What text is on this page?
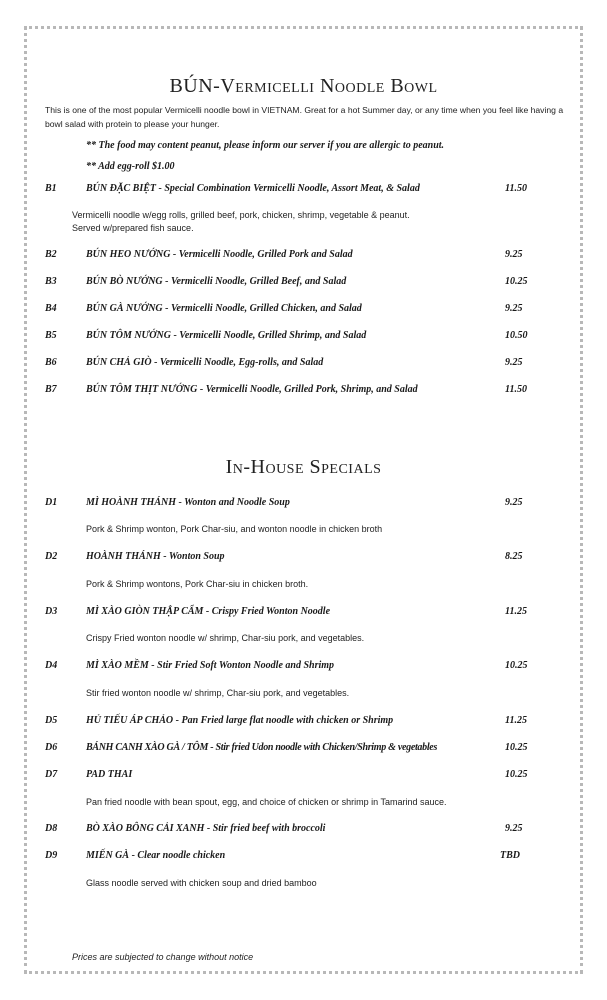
BÚN-Vermicelli Noodle Bowl
This is one of the most popular Vermicelli noodle bowl in VIETNAM. Great for a hot Summer day, or any time when you feel like having a bowl salad with protein to please your hunger.
** The food may content peanut, please inform our server if you are allergic to peanut.
** Add egg-roll $1.00
B1	BÚN ĐẶC BIỆT - Special Combination Vermicelli Noodle, Assort Meat, & Salad	11.50
Vermicelli noodle w/egg rolls, grilled beef, pork, chicken, shrimp, vegetable & peanut.
Served w/prepared fish sauce.
B2	BÚN HEO NƯỚNG - Vermicelli Noodle, Grilled Pork and Salad	9.25
B3	BÚN BÒ NƯỚNG - Vermicelli Noodle, Grilled Beef, and Salad	10.25
B4	BÚN GÀ NƯỚNG - Vermicelli Noodle, Grilled Chicken, and Salad	9.25
B5	BÚN TÔM NƯỚNG - Vermicelli Noodle, Grilled Shrimp, and Salad	10.50
B6	BÚN CHẢ GIÒ - Vermicelli Noodle, Egg-rolls, and Salad	9.25
B7	BÚN TÔM THỊT NƯỚNG - Vermicelli Noodle, Grilled Pork, Shrimp, and Salad	11.50
In-House Specials
D1	MÌ HOÀNH THÁNH - Wonton and Noodle Soup	9.25
Pork & Shrimp wonton, Pork Char-siu, and wonton noodle in chicken broth
D2	HOÀNH THÁNH - Wonton Soup	8.25
Pork & Shrimp wontons, Pork Char-siu in chicken broth.
D3	MÌ XÀO GIÒN THẬP CẨM - Crispy Fried Wonton Noodle	11.25
Crispy Fried wonton noodle w/ shrimp, Char-siu pork, and vegetables.
D4	MÌ XÀO MỀM - Stir Fried Soft Wonton Noodle and Shrimp	10.25
Stir fried wonton noodle w/ shrimp, Char-siu pork, and vegetables.
D5	HỦ TIẾU ÁP CHẢO - Pan Fried large flat noodle with chicken or Shrimp	11.25
D6	BÁNH CANH XÀO GÀ / TÔM - Stir fried Udon noodle with Chicken/Shrimp & vegetables	10.25
D7	PAD THAI	10.25
Pan fried noodle with bean spout, egg, and choice of chicken or shrimp in Tamarind sauce.
D8	BÒ XÀO BÔNG CẢI XANH - Stir fried beef with broccoli	9.25
D9	MIẾN GÀ - Clear noodle chicken	TBD
Glass noodle served with chicken soup and dried bamboo
Prices are subjected to change without notice
